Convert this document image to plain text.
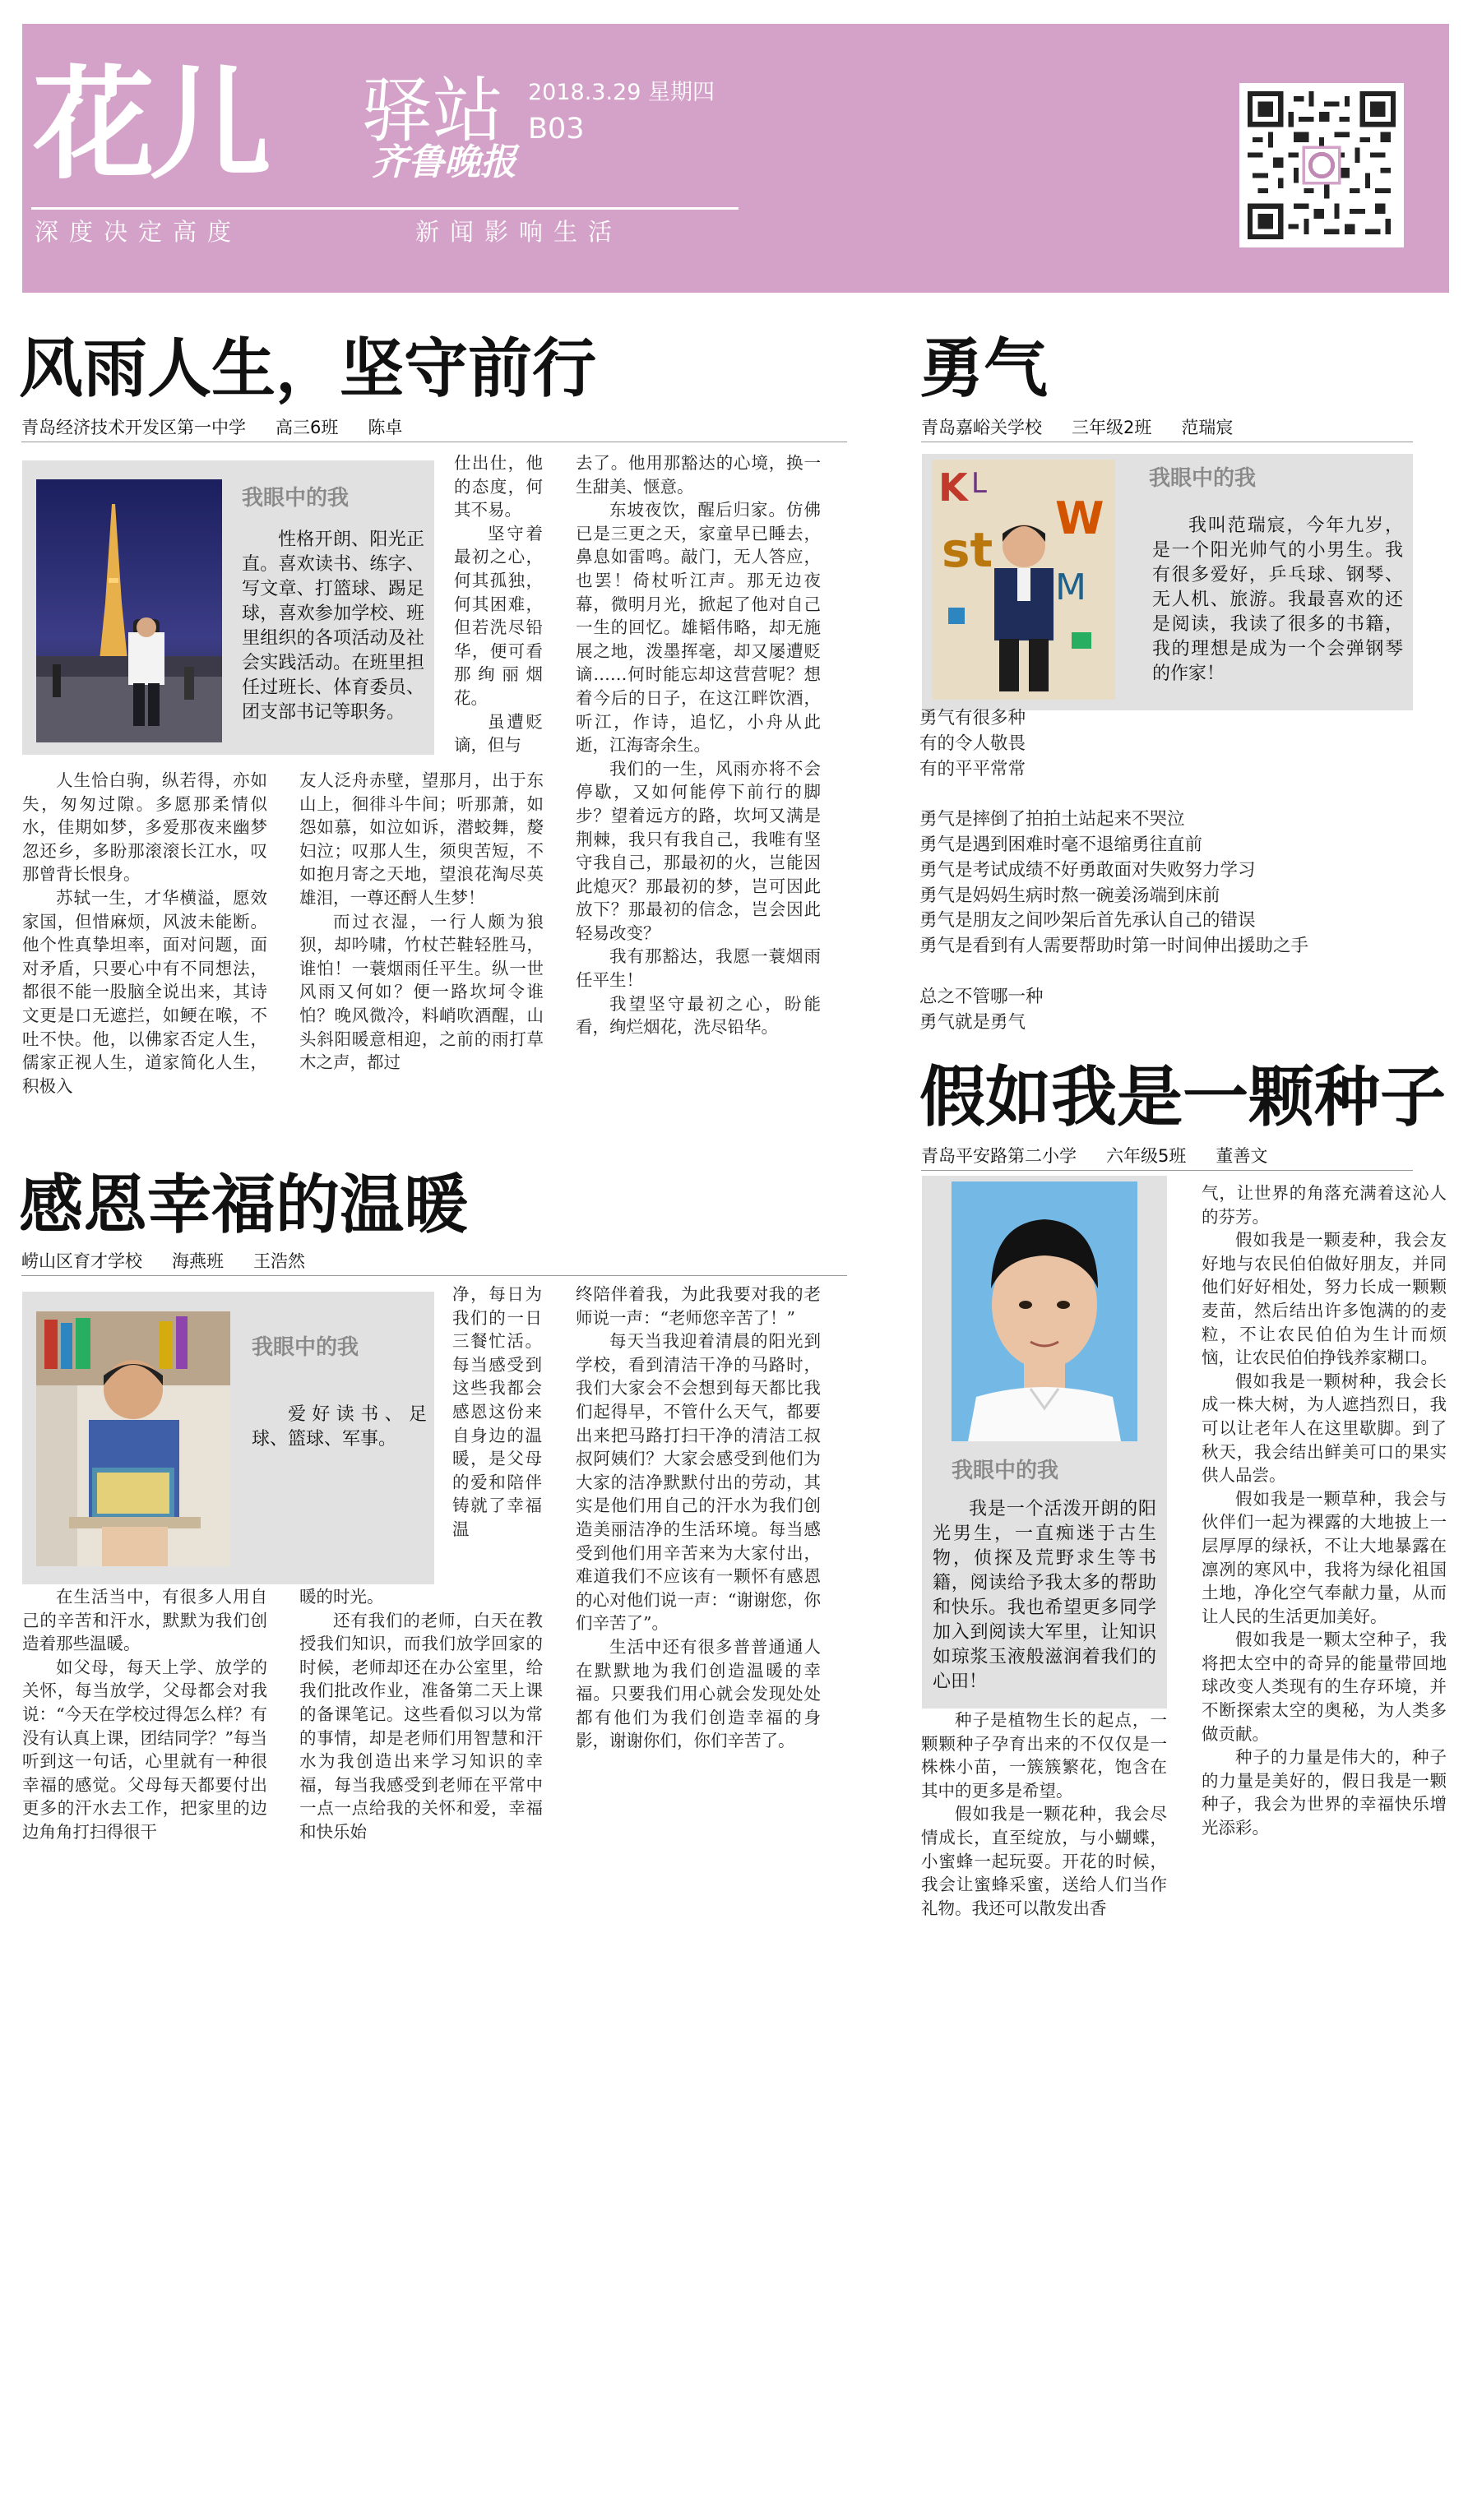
花儿 驿站
齐鲁晚报
2018.3.29 星期四
B03
深度决定高度	新闻影响生活
风雨人生，坚守前行
青岛经济技术开发区第一中学 高三6班 陈卓
我眼中的我
性格开朗、阳光正直。喜欢读书、练字、写文章、打篮球、踢足球，喜欢参加学校、班里组织的各项活动及社会实践活动。在班里担任过班长、体育委员、团支部书记等职务。

仕出仕，他的态度，何其不易。

坚守着最初之心，何其孤独，何其困难，但若洗尽铅华，便可看那绚丽烟花。

虽遭贬谪，但与

人生恰白驹，纵若得，亦如失，匆匆过隙。多愿那柔情似水，佳期如梦，多爱那夜来幽梦忽还乡，多盼那滚滚长江水，叹那曾背长恨身。

苏轼一生，才华横溢，愿效家国，但惜麻烦，风波未能断。他个性真挚坦率，面对问题，面对矛盾，只要心中有不同想法，都很不能一股脑全说出来，其诗文更是口无遮拦，如鲠在喉，不吐不快。他，以佛家否定人生，儒家正视人生，道家简化人生，积极入

友人泛舟赤壁，望那月，出于东山上，徊徘斗牛间；听那萧，如怨如慕，如泣如诉，潜蛟舞，嫠妇泣；叹那人生，须臾苦短，不如抱月寄之天地，望浪花淘尽英雄泪，一尊还酹人生梦！

而过衣湿，一行人颇为狼狈，却吟啸，竹杖芒鞋轻胜马，谁怕！一蓑烟雨任平生。纵一世风雨又何如？便一路坎坷令谁怕？晚风微冷，料峭吹酒醒，山头斜阳暖意相迎，之前的雨打草木之声，都过

去了。他用那豁达的心境，换一生甜美、惬意。

东坡夜饮，醒后归家。仿佛已是三更之天，家童早已睡去，鼻息如雷鸣。敲门，无人答应，也罢！倚杖听江声。那无边夜幕，微明月光，掀起了他对自己一生的回忆。雄韬伟略，却无施展之地，泼墨挥毫，却又屡遭贬谪……何时能忘却这营营呢？想着今后的日子，在这江畔饮酒，听江，作诗，追忆，小舟从此逝，江海寄余生。

我们的一生，风雨亦将不会停歇，又如何能停下前行的脚步？望着远方的路，坎坷又满是荆棘，我只有我自己，我唯有坚守我自己，那最初的火，岂能因此熄灭？那最初的梦，岂可因此放下？那最初的信念，岂会因此轻易改变？

我有那豁达，我愿一蓑烟雨任平生！

我望坚守最初之心，盼能看，绚烂烟花，洗尽铅华。

感恩幸福的温暖
崂山区育才学校 海燕班 王浩然
我眼中的我
爱好读书、足球、篮球、军事。

净，每日为我们的一日三餐忙活。每当感受到这些我都会感恩这份来自身边的温暖，是父母的爱和陪伴铸就了幸福温

在生活当中，有很多人用自己的辛苦和汗水，默默为我们创造着那些温暖。

如父母，每天上学、放学的关怀，每当放学，父母都会对我说：“今天在学校过得怎么样？有没有认真上课，团结同学？”每当听到这一句话，心里就有一种很幸福的感觉。父母每天都要付出更多的汗水去工作，把家里的边边角角打扫得很干

暖的时光。

还有我们的老师，白天在教授我们知识，而我们放学回家的时候，老师却还在办公室里，给我们批改作业，准备第二天上课的备课笔记。这些看似习以为常的事情，却是老师们用智慧和汗水为我创造出来学习知识的幸福，每当我感受到老师在平常中一点一点给我的关怀和爱，幸福和快乐始

终陪伴着我，为此我要对我的老师说一声：“老师您辛苦了！”

每天当我迎着清晨的阳光到学校，看到清洁干净的马路时，我们大家会不会想到每天都比我们起得早，不管什么天气，都要出来把马路打扫干净的清洁工叔叔阿姨们？大家会感受到他们为大家的洁净默默付出的劳动，其实是他们用自己的汗水为我们创造美丽洁净的生活环境。每当感受到他们用辛苦来为大家付出，难道我们不应该有一颗怀有感恩的心对他们说一声：“谢谢您，你们辛苦了”。

生活中还有很多普普通通人在默默地为我们创造温暖的幸福。只要我们用心就会发现处处都有他们为我们创造幸福的身影，谢谢你们，你们辛苦了。

勇气
青岛嘉峪关学校 三年级2班 范瑞宸
K L
st
W
M
我眼中的我
我叫范瑞宸，今年九岁，是一个阳光帅气的小男生。我有很多爱好，乒乓球、钢琴、无人机、旅游。我最喜欢的还是阅读，我读了很多的书籍，我的理想是成为一个会弹钢琴的作家！
勇气有很多种
有的令人敬畏
有的平平常常
勇气是摔倒了拍拍土站起来不哭泣
勇气是遇到困难时毫不退缩勇往直前
勇气是考试成绩不好勇敢面对失败努力学习
勇气是妈妈生病时熬一碗姜汤端到床前
勇气是朋友之间吵架后首先承认自己的错误
勇气是看到有人需要帮助时第一时间伸出援助之手
总之不管哪一种
勇气就是勇气
假如我是一颗种子
青岛平安路第二小学 六年级5班 董善文
我眼中的我
我是一个活泼开朗的阳光男生，一直痴迷于古生物，侦探及荒野求生等书籍，阅读给予我太多的帮助和快乐。我也希望更多同学加入到阅读大军里，让知识如琼浆玉液般滋润着我们的心田！

种子是植物生长的起点，一颗颗种子孕育出来的不仅仅是一株株小苗，一簇簇繁花，饱含在其中的更多是希望。

假如我是一颗花种，我会尽情成长，直至绽放，与小蝴蝶，小蜜蜂一起玩耍。开花的时候，我会让蜜蜂采蜜，送给人们当作礼物。我还可以散发出香

气，让世界的角落充满着这沁人的芬芳。

假如我是一颗麦种，我会友好地与农民伯伯做好朋友，并同他们好好相处，努力长成一颗颗麦苗，然后结出许多饱满的的麦粒，不让农民伯伯为生计而烦恼，让农民伯伯挣钱养家糊口。

假如我是一颗树种，我会长成一株大树，为人遮挡烈日，我可以让老年人在这里歇脚。到了秋天，我会结出鲜美可口的果实供人品尝。

假如我是一颗草种，我会与伙伴们一起为裸露的大地披上一层厚厚的绿袄，不让大地暴露在凛冽的寒风中，我将为绿化祖国土地，净化空气奉献力量，从而让人民的生活更加美好。

假如我是一颗太空种子，我将把太空中的奇异的能量带回地球改变人类现有的生存环境，并不断探索太空的奥秘，为人类多做贡献。

种子的力量是伟大的，种子的力量是美好的，假日我是一颗种子，我会为世界的幸福快乐增光添彩。
